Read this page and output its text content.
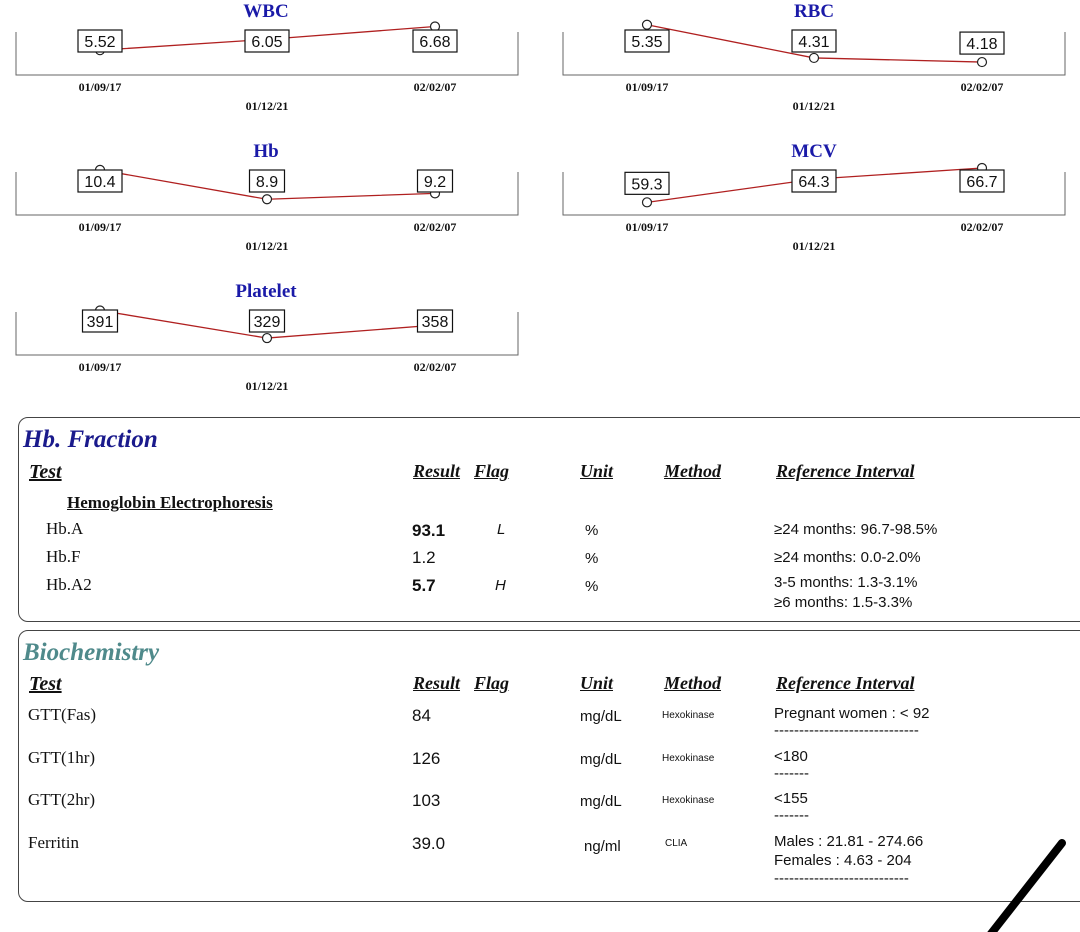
WBC
5.52	6.05	6.68
01/09/17
01/12/21
02/02/07
RBC
5.35	4.31	4.18
01/09/17
01/12/21
02/02/07
Hb
10.4	8.9	9.2
01/09/17
01/12/21
02/02/07
MCV
59.3	64.3	66.7
01/09/17
01/12/21
02/02/07
Platelet
391	329	358
01/09/17
01/12/21
02/02/07
Hb. Fraction
Test	Result Flag	Unit	Method	Reference Interval
Hemoglobin Electrophoresis
Hb.A	93.1	L	%	≥24 months: 96.7-98.5%
Hb.F	1.2	%	≥24 months: 0.0-2.0%
Hb.A2	5.7	H	%	3-5 months: 1.3-3.1%
≥6 months: 1.5-3.3%
Biochemistry
Test	Result Flag	Unit	Method	Reference Interval
GTT(Fas)	84	mg/dL	Hexokinase	Pregnant women : < 92
-----------------------------
GTT(1hr)	126	mg/dL	Hexokinase	<180
-------
GTT(2hr)	103	mg/dL	Hexokinase	<155
-------
Ferritin	39.0	ng/ml	CLIA	Males : 21.81 - 274.66
Females : 4.63 - 204
---------------------------
